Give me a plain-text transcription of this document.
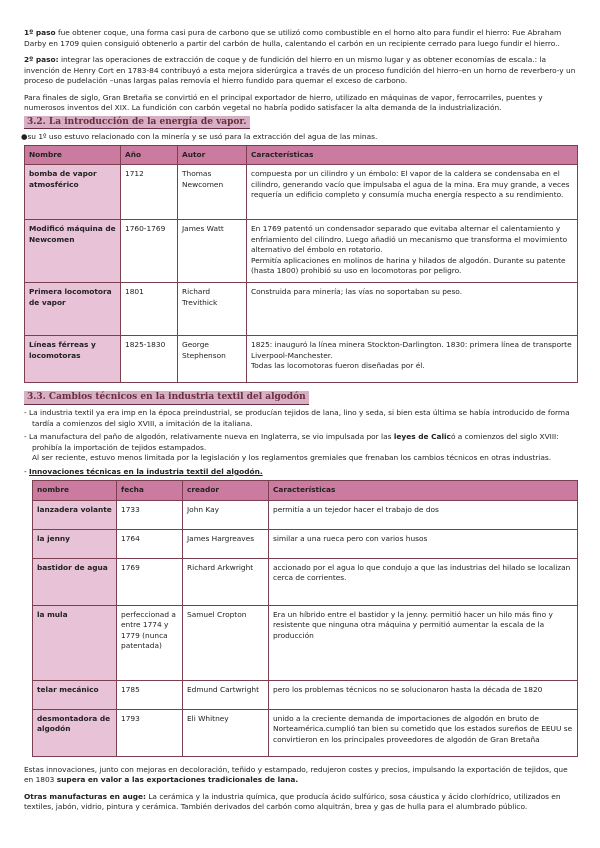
1º paso fue obtener coque, una forma casi pura de carbono que se utilizó como combustible en el horno alto para fundir el hierro: Fue Abraham Darby en 1709 quien consiguió obtenerlo a partir del carbón de hulla, calentando el carbón en un recipiente cerrado para luego fundir el hierro..

2º paso: integrar las operaciones de extracción de coque y de fundición del hierro en un mismo lugar y as obtener economías de escala.: la invención de Henry Cort en 1783-84 contribuyó a esta mejora siderúrgica a través de un proceso fundición del hierro–en un horno de reverbero-y un proceso de pudelación –unas largas palas removía el hierro fundido para quemar el exceso de carbono.

Para finales de siglo, Gran Bretaña se convirtió en el principal exportador de hierro, utilizado en máquinas de vapor, ferrocarriles, puentes y numerosos inventos del XIX. La fundición con carbón vegetal no habría podido satisfacer la alta demanda de la industrialización.

3.2. La introducción de la energía de vapor.
●su 1º uso estuvo relacionado con la minería y se usó para la extracción del agua de las minas.
Nombre	Año	Autor	Características
bomba de vapor atmosférico	1712	Thomas Newcomen	compuesta por un cilindro y un émbolo: El vapor de la caldera se condensaba en el cilindro, generando vacío que impulsaba el agua de la mina. Era muy grande, a veces requería un edificio completo y consumía mucha energía respecto a su rendimiento.
Modificó máquina de Newcomen	1760-1769	James Watt	En 1769 patentó un condensador separado que evitaba alternar el calentamiento y enfriamiento del cilindro. Luego añadió un mecanismo que transforma el movimiento alternativo del émbolo en rotatorio.
Permitía aplicaciones en molinos de harina y hilados de algodón. Durante su patente (hasta 1800) prohibió su uso en locomotoras por peligro.
Primera locomotora de vapor	1801	Richard Trevithick	Construida para minería; las vías no soportaban su peso.
Líneas férreas y locomotoras	1825-1830	George Stephenson	1825: inauguró la línea minera Stockton-Darlington. 1830: primera línea de transporte Liverpool-Manchester.
Todas las locomotoras fueron diseñadas por él.
3.3. Cambios técnicos en la industria textil del algodón
- La industria textil ya era imp en la época preindustrial, se producían tejidos de lana, lino y seda, si bien esta última se había introducido de forma tardía a comienzos del siglo XVIII, a imitación de la italiana.
- La manufactura del paño de algodón, relativamente nueva en Inglaterra, se vio impulsada por las leyes de Calicó a comienzos del siglo XVIII: prohibía la importación de tejidos estampados.
Al ser reciente, estuvo menos limitada por la legislación y los reglamentos gremiales que frenaban los cambios técnicos en otras industrias.
- Innovaciones técnicas en la industria textil del algodón.
nombre	fecha	creador	Características
lanzadera volante	1733	John Kay	permitía a un tejedor hacer el trabajo de dos
la jenny	1764	James Hargreaves	similar a una rueca pero con varios husos
bastidor de agua	1769	Richard Arkwright	accionado por el agua lo que condujo a que las industrias del hilado se localizan cerca de corrientes.
la mula	perfeccionad a entre 1774 y 1779 (nunca patentada)	Samuel Cropton	Era un híbrido entre el bastidor y la jenny. permitió hacer un hilo más fino y resistente que ninguna otra máquina y permitió aumentar la escala de la producción
telar mecánico	1785	Edmund Cartwright	pero los problemas técnicos no se solucionaron hasta la década de 1820
desmontadora de algodón	1793	Eli Whitney	unido a la creciente demanda de importaciones de algodón en bruto de Norteamérica.cumplió tan bien su cometido que los estados sureños de EEUU se convirtieron en los principales proveedores de algodón de Gran Bretaña

Estas innovaciones, junto con mejoras en decoloración, teñido y estampado, redujeron costes y precios, impulsando la exportación de tejidos, que en 1803 supera en valor a las exportaciones tradicionales de lana.

Otras manufacturas en auge: La cerámica y la industria química, que producía ácido sulfúrico, sosa cáustica y ácido clorhídrico, utilizados en textiles, jabón, vidrio, pintura y cerámica. También derivados del carbón como alquitrán, brea y gas de hulla para el alumbrado público.
